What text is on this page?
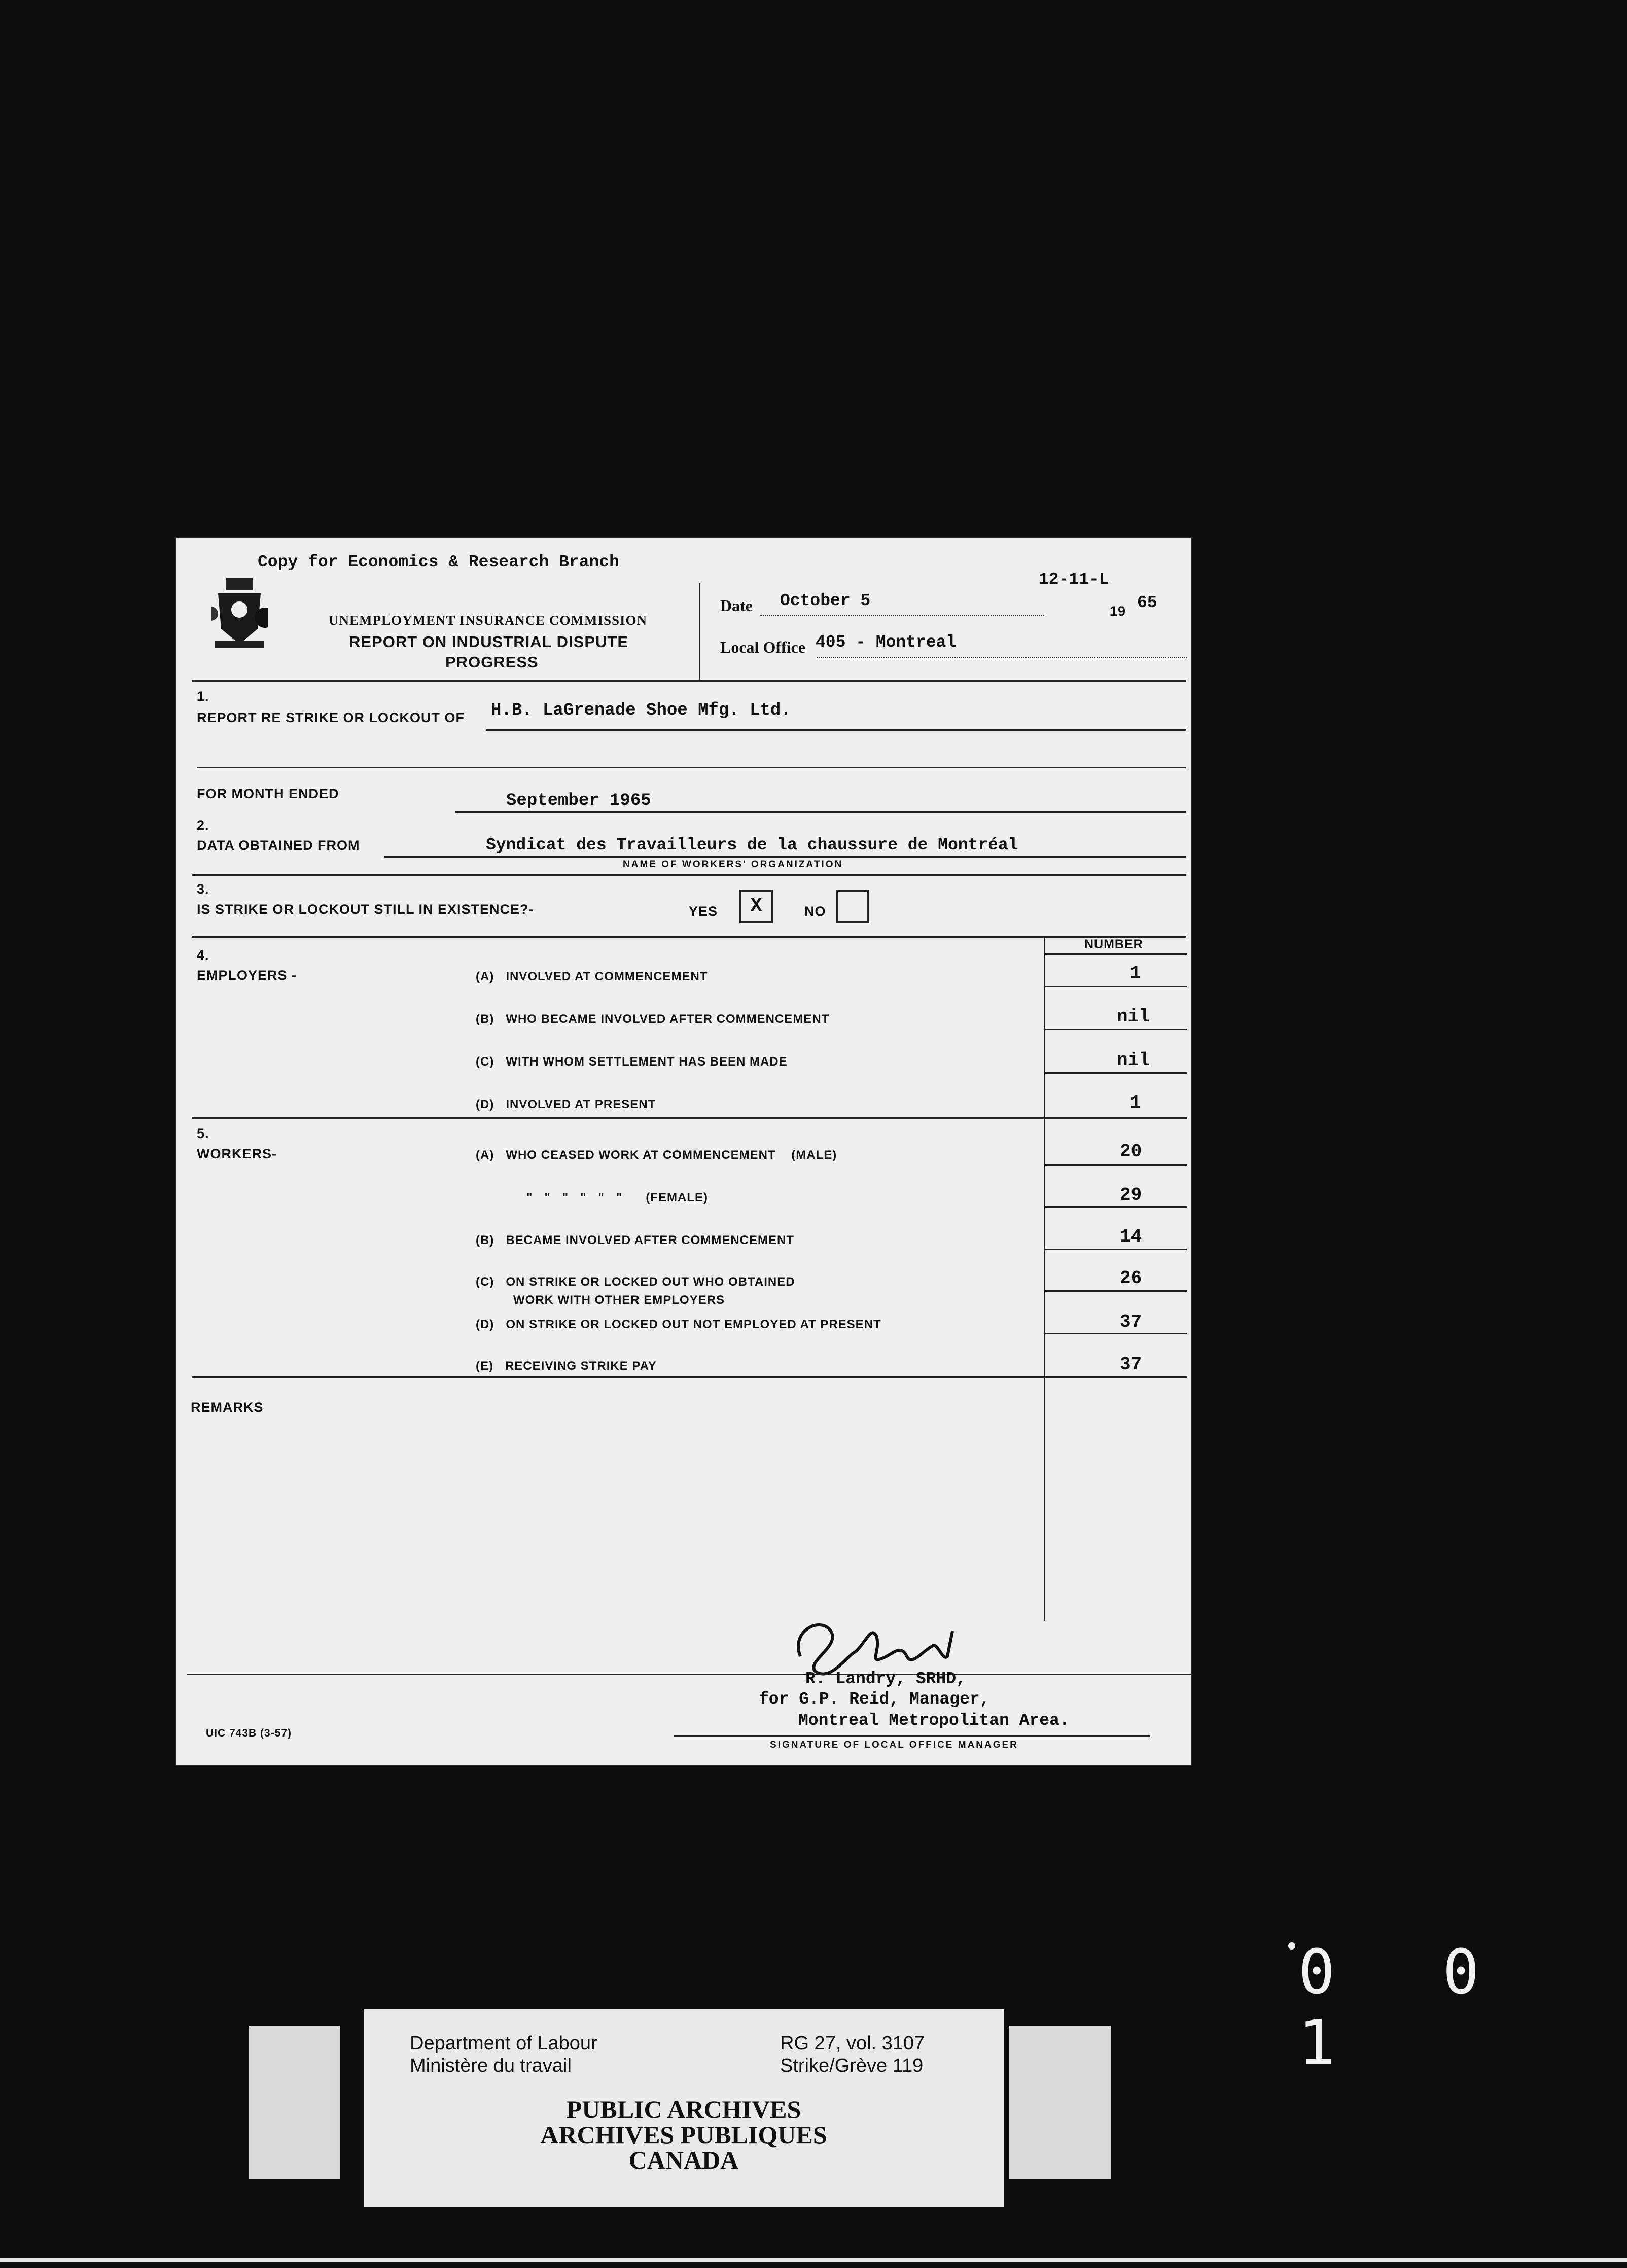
0 0 1
Copy for Economics & Research Branch
12-11-L
UNEMPLOYMENT INSURANCE COMMISSION
REPORT ON INDUSTRIAL DISPUTE
PROGRESS
Date October 5
19 65
Local Office 405 - Montreal
1.
REPORT RE STRIKE OR LOCKOUT OF H.B. LaGrenade Shoe Mfg. Ltd.
FOR MONTH ENDED	September 1965
2.
DATA OBTAINED FROM	Syndicat des Travailleurs de la chaussure de Montréal
NAME OF WORKERS' ORGANIZATION
3.
IS STRIKE OR LOCKOUT STILL IN EXISTENCE?-	YES	X	NO
NUMBER
4.
EMPLOYERS -	(A)   INVOLVED AT COMMENCEMENT	1
(B)   WHO BECAME INVOLVED AFTER COMMENCEMENT	nil
(C)   WITH WHOM SETTLEMENT HAS BEEN MADE	nil
(D)   INVOLVED AT PRESENT	1
5.
WORKERS-	(A)   WHO CEASED WORK AT COMMENCEMENT    (MALE)	20
"   "   "   "   "   "      (FEMALE)	29
(B)   BECAME INVOLVED AFTER COMMENCEMENT	14
(C)   ON STRIKE OR LOCKED OUT WHO OBTAINED
WORK WITH OTHER EMPLOYERS
26
(D)   ON STRIKE OR LOCKED OUT NOT EMPLOYED AT PRESENT	37
(E)   RECEIVING STRIKE PAY	37
REMARKS
R. Landry, SRHD,
for G.P. Reid, Manager,
Montreal Metropolitan Area.
SIGNATURE OF LOCAL OFFICE MANAGER
UIC 743B (3-57)
Department of Labour
Ministère du travail
RG 27, vol. 3107
Strike/Grève 119
PUBLIC ARCHIVES
ARCHIVES PUBLIQUES
CANADA
